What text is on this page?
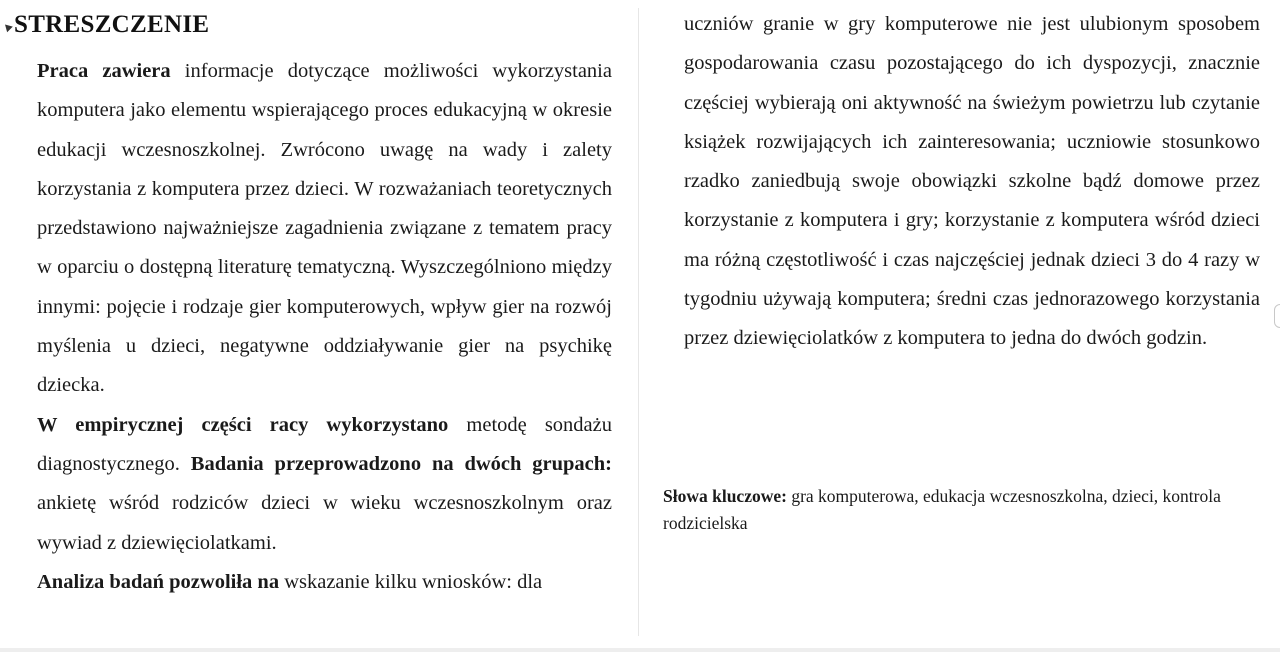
STRESZCZENIE

Praca zawiera informacje dotyczące możliwości wykorzystania komputera jako elementu wspierającego proces edukacyjną w okresie edukacji wczesnoszkolnej. Zwrócono uwagę na wady i zalety korzystania z komputera przez dzieci. W rozważaniach teoretycznych przedstawiono najważniejsze zagadnienia związane z tematem pracy w oparciu o dostępną literaturę tematyczną. Wyszczególniono między innymi: pojęcie i rodzaje gier komputerowych, wpływ gier na rozwój myślenia u dzieci, negatywne oddziaływanie gier na psychikę dziecka.

W empirycznej części racy wykorzystano metodę sondażu diagnostycznego. Badania przeprowadzono na dwóch grupach: ankietę wśród rodziców dzieci w wieku wczesnoszkolnym oraz wywiad z dziewięciolatkami.

Analiza badań pozwoliła na wskazanie kilku wniosków: dla

uczniów granie w gry komputerowe nie jest ulubionym sposobem gospodarowania czasu pozostającego do ich dyspozycji, znacznie częściej wybierają oni aktywność na świeżym powietrzu lub czytanie książek rozwijających ich zainteresowania; uczniowie stosunkowo rzadko zaniedbują swoje obowiązki szkolne bądź domowe przez korzystanie z komputera i gry; korzystanie z komputera wśród dzieci ma różną częstotliwość i czas najczęściej jednak dzieci 3 do 4 razy w tygodniu używają komputera; średni czas jednorazowego korzystania przez dziewięciolatków z komputera to jedna do dwóch godzin.

Słowa kluczowe: gra komputerowa, edukacja wczesnoszkolna, dzieci, kontrola rodzicielska
